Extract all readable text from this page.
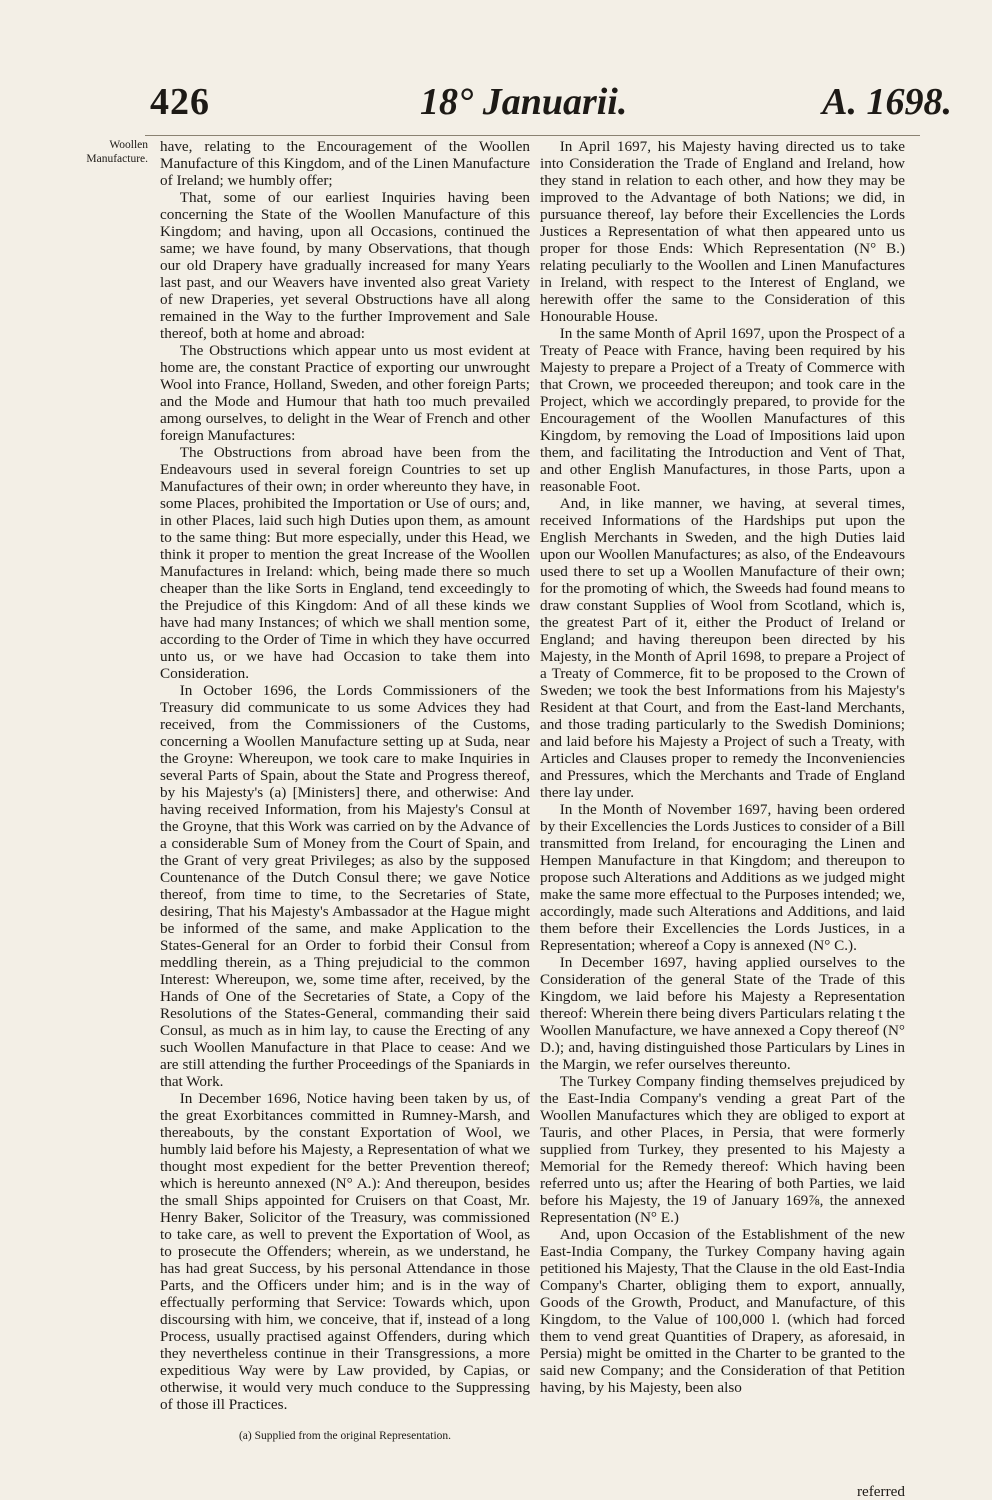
426	18° Januarii.	A. 1698.
Woollen Manufacture.

have, relating to the Encouragement of the Woollen Manufacture of this Kingdom, and of the Linen Manufacture of Ireland; we humbly offer;

That, some of our earliest Inquiries having been concerning the State of the Woollen Manufacture of this Kingdom; and having, upon all Occasions, continued the same; we have found, by many Observations, that though our old Drapery have gradually increased for many Years last past, and our Weavers have invented also great Variety of new Draperies, yet several Obstructions have all along remained in the Way to the further Improvement and Sale thereof, both at home and abroad:

The Obstructions which appear unto us most evident at home are, the constant Practice of exporting our unwrought Wool into France, Holland, Sweden, and other foreign Parts; and the Mode and Humour that hath too much prevailed among ourselves, to delight in the Wear of French and other foreign Manufactures:

The Obstructions from abroad have been from the Endeavours used in several foreign Countries to set up Manufactures of their own; in order whereunto they have, in some Places, prohibited the Importation or Use of ours; and, in other Places, laid such high Duties upon them, as amount to the same thing: But more especially, under this Head, we think it proper to mention the great Increase of the Woollen Manufactures in Ireland: which, being made there so much cheaper than the like Sorts in England, tend exceedingly to the Prejudice of this Kingdom: And of all these kinds we have had many Instances; of which we shall mention some, according to the Order of Time in which they have occurred unto us, or we have had Occasion to take them into Consideration.

In October 1696, the Lords Commissioners of the Treasury did communicate to us some Advices they had received, from the Commissioners of the Customs, concerning a Woollen Manufacture setting up at Suda, near the Groyne: Whereupon, we took care to make Inquiries in several Parts of Spain, about the State and Progress thereof, by his Majesty's (a) [Ministers] there, and otherwise: And having received Information, from his Majesty's Consul at the Groyne, that this Work was carried on by the Advance of a considerable Sum of Money from the Court of Spain, and the Grant of very great Privileges; as also by the supposed Countenance of the Dutch Consul there; we gave Notice thereof, from time to time, to the Secretaries of State, desiring, That his Majesty's Ambassador at the Hague might be informed of the same, and make Application to the States-General for an Order to forbid their Consul from meddling therein, as a Thing prejudicial to the common Interest: Whereupon, we, some time after, received, by the Hands of One of the Secretaries of State, a Copy of the Resolutions of the States-General, commanding their said Consul, as much as in him lay, to cause the Erecting of any such Woollen Manufacture in that Place to cease: And we are still attending the further Proceedings of the Spaniards in that Work.

In December 1696, Notice having been taken by us, of the great Exorbitances committed in Rumney-Marsh, and thereabouts, by the constant Exportation of Wool, we humbly laid before his Majesty, a Representation of what we thought most expedient for the better Prevention thereof; which is hereunto annexed (N° A.): And thereupon, besides the small Ships appointed for Cruisers on that Coast, Mr. Henry Baker, Solicitor of the Treasury, was commissioned to take care, as well to prevent the Exportation of Wool, as to prosecute the Offenders; wherein, as we understand, he has had great Success, by his personal Attendance in those Parts, and the Officers under him; and is in the way of effectually performing that Service: Towards which, upon discoursing with him, we conceive, that if, instead of a long Process, usually practised against Offenders, during which they nevertheless continue in their Transgressions, a more expeditious Way were by Law provided, by Capias, or otherwise, it would very much conduce to the Suppressing of those ill Practices.

(a) Supplied from the original Representation.

In April 1697, his Majesty having directed us to take into Consideration the Trade of England and Ireland, how they stand in relation to each other, and how they may be improved to the Advantage of both Nations; we did, in pursuance thereof, lay before their Excellencies the Lords Justices a Representation of what then appeared unto us proper for those Ends: Which Representation (N° B.) relating peculiarly to the Woollen and Linen Manufactures in Ireland, with respect to the Interest of England, we herewith offer the same to the Consideration of this Honourable House.

In the same Month of April 1697, upon the Prospect of a Treaty of Peace with France, having been required by his Majesty to prepare a Project of a Treaty of Commerce with that Crown, we proceeded thereupon; and took care in the Project, which we accordingly prepared, to provide for the Encouragement of the Woollen Manufactures of this Kingdom, by removing the Load of Impositions laid upon them, and facilitating the Introduction and Vent of That, and other English Manufactures, in those Parts, upon a reasonable Foot.

And, in like manner, we having, at several times, received Informations of the Hardships put upon the English Merchants in Sweden, and the high Duties laid upon our Woollen Manufactures; as also, of the Endeavours used there to set up a Woollen Manufacture of their own; for the promoting of which, the Sweeds had found means to draw constant Supplies of Wool from Scotland, which is, the greatest Part of it, either the Product of Ireland or England; and having thereupon been directed by his Majesty, in the Month of April 1698, to prepare a Project of a Treaty of Commerce, fit to be proposed to the Crown of Sweden; we took the best Informations from his Majesty's Resident at that Court, and from the East-land Merchants, and those trading particularly to the Swedish Dominions; and laid before his Majesty a Project of such a Treaty, with Articles and Clauses proper to remedy the Inconveniencies and Pressures, which the Merchants and Trade of England there lay under.

In the Month of November 1697, having been ordered by their Excellencies the Lords Justices to consider of a Bill transmitted from Ireland, for encouraging the Linen and Hempen Manufacture in that Kingdom; and thereupon to propose such Alterations and Additions as we judged might make the same more effectual to the Purposes intended; we, accordingly, made such Alterations and Additions, and laid them before their Excellencies the Lords Justices, in a Representation; whereof a Copy is annexed (N° C.).

In December 1697, having applied ourselves to the Consideration of the general State of the Trade of this Kingdom, we laid before his Majesty a Representation thereof: Wherein there being divers Particulars relating t the Woollen Manufacture, we have annexed a Copy thereof (N° D.); and, having distinguished those Particulars by Lines in the Margin, we refer ourselves thereunto.

The Turkey Company finding themselves prejudiced by the East-India Company's vending a great Part of the Woollen Manufactures which they are obliged to export at Tauris, and other Places, in Persia, that were formerly supplied from Turkey, they presented to his Majesty a Memorial for the Remedy thereof: Which having been referred unto us; after the Hearing of both Parties, we laid before his Majesty, the 19 of January 169⅞, the annexed Representation (N° E.)

And, upon Occasion of the Establishment of the new East-India Company, the Turkey Company having again petitioned his Majesty, That the Clause in the old East-India Company's Charter, obliging them to export, annually, Goods of the Growth, Product, and Manufacture, of this Kingdom, to the Value of 100,000 l. (which had forced them to vend great Quantities of Drapery, as aforesaid, in Persia) might be omitted in the Charter to be granted to the said new Company; and the Consideration of that Petition having, by his Majesty, been also

referred
